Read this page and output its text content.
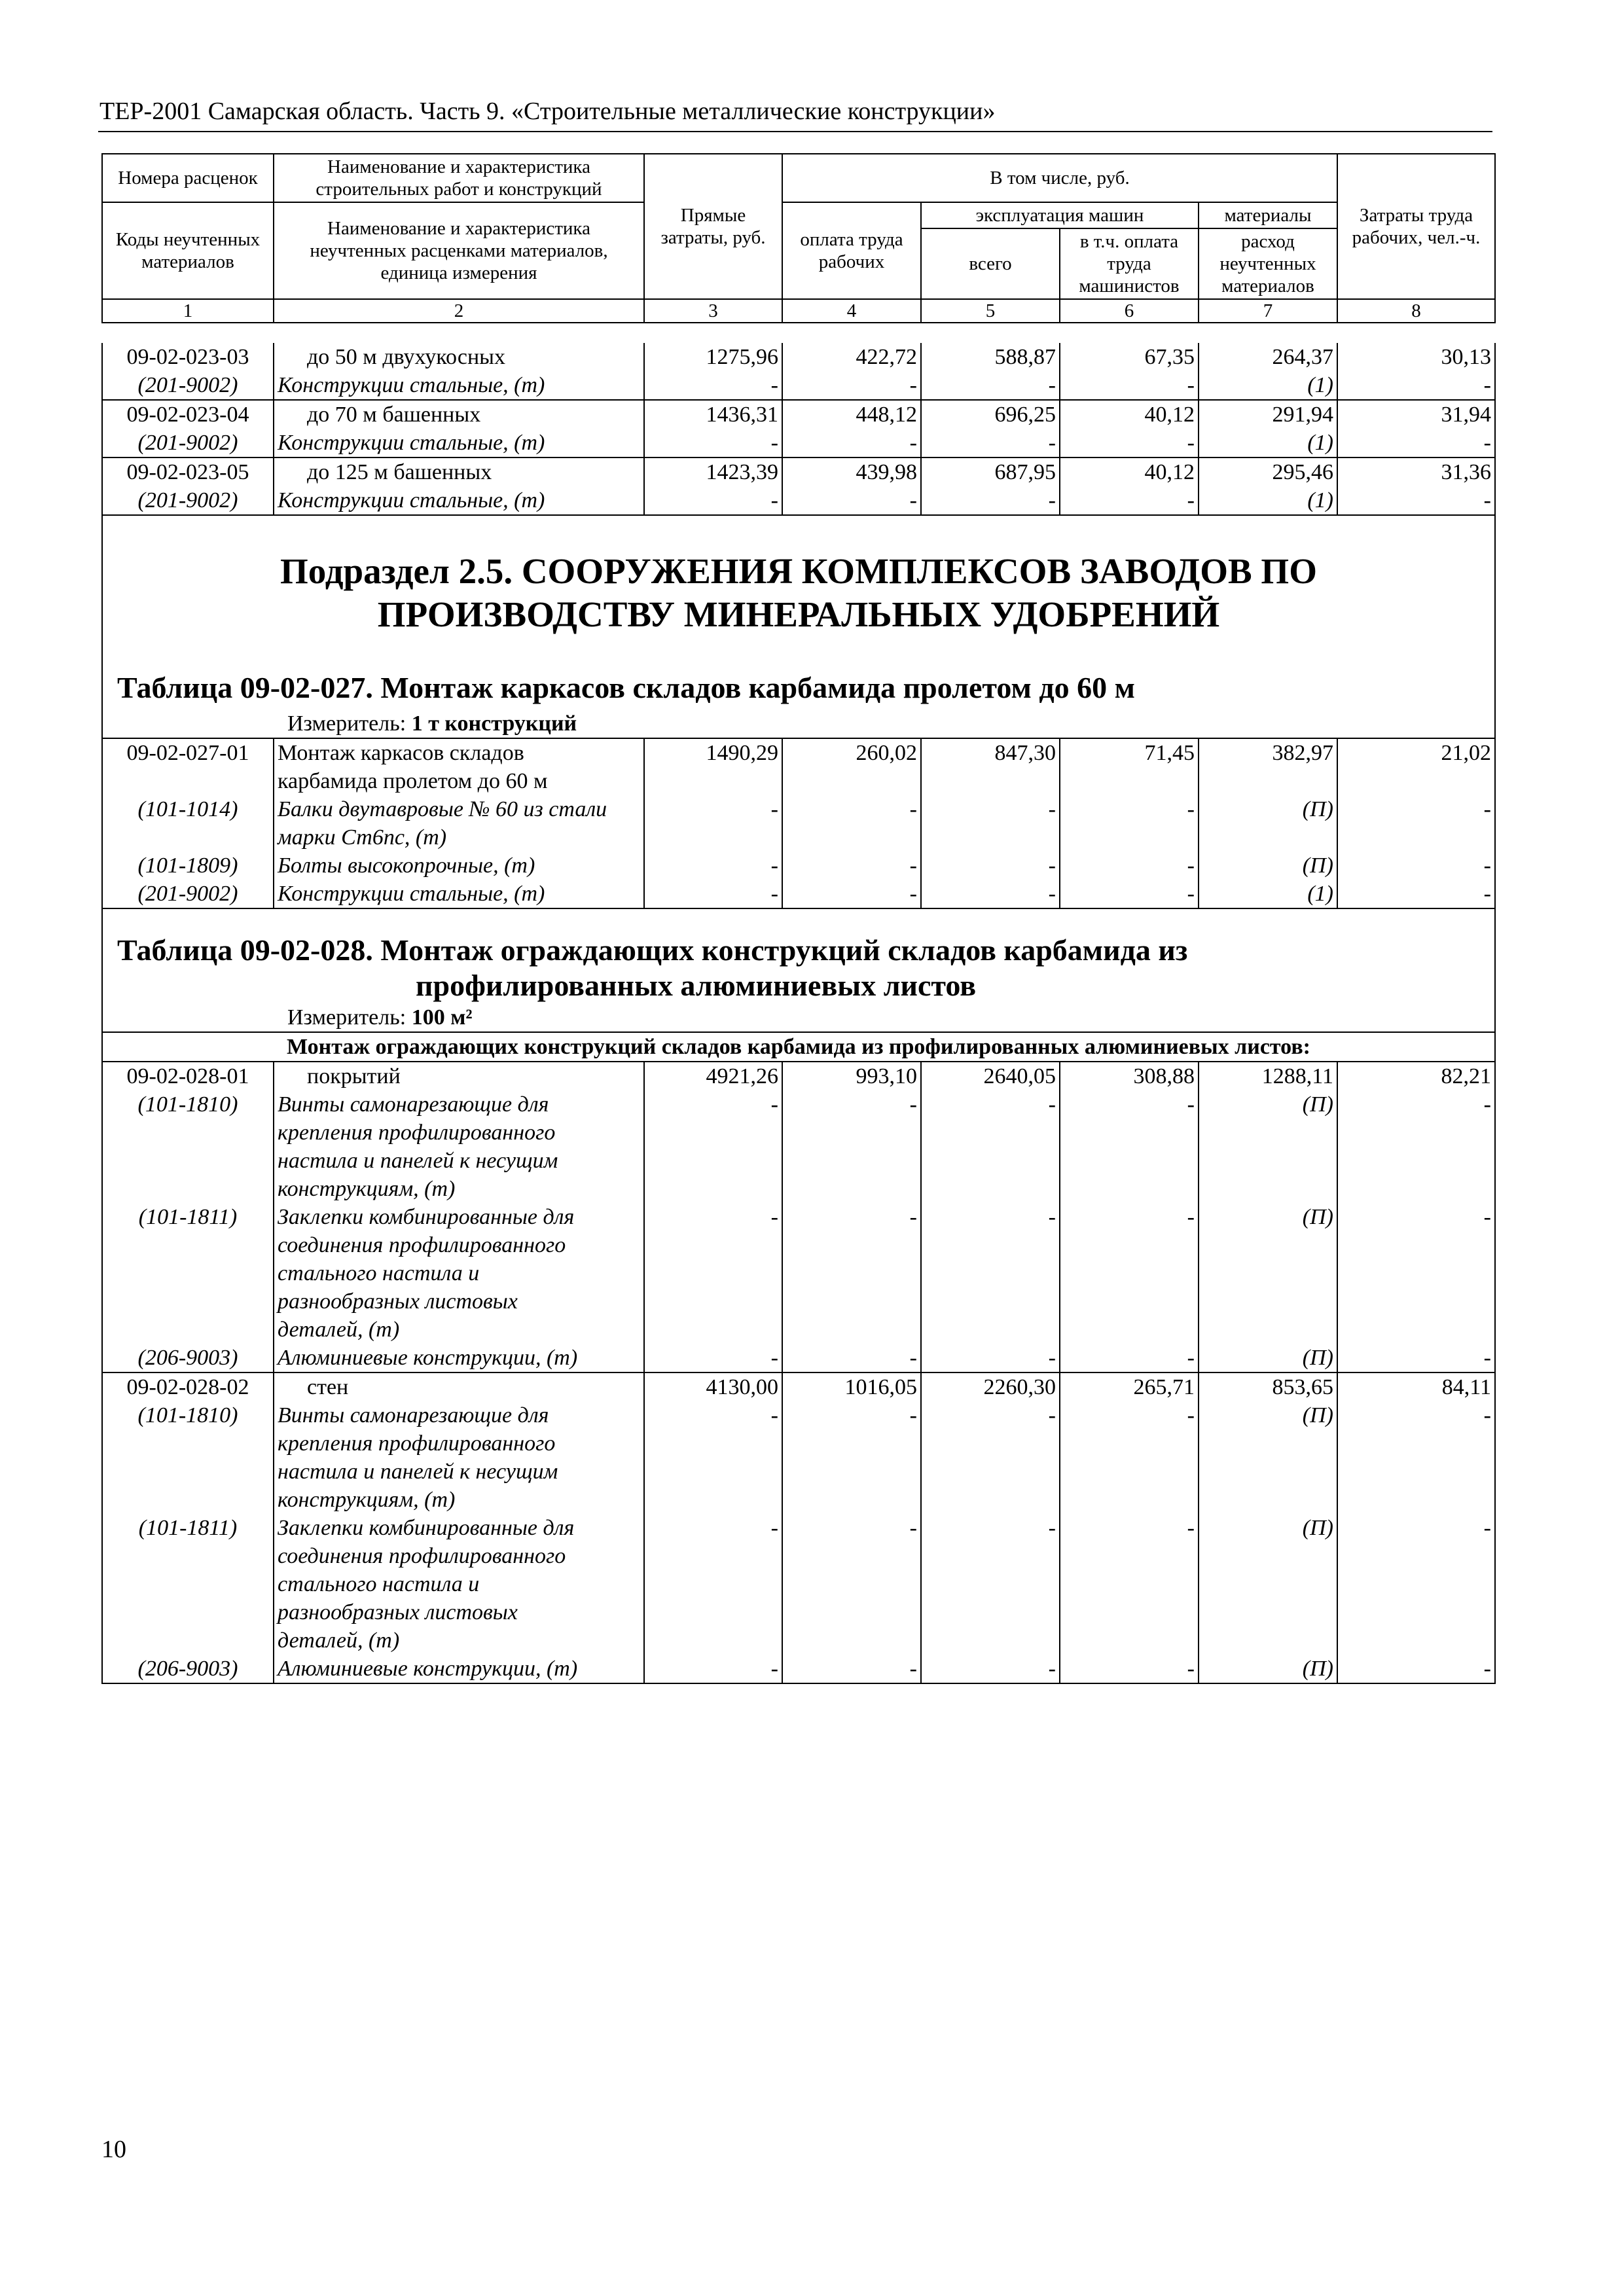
ТЕР-2001 Самарская область. Часть 9. «Строительные металлические конструкции»
Номера расценок	Наименование и характеристика строительных работ и конструкций	Прямые затраты, руб.	В том числе, руб.				Затраты труда рабочих, чел.-ч.
Коды неучтенных материалов	Наименование и характеристика неучтенных расценками материалов, единица измерения		оплата труда рабочих	эксплуатация машин		материалы	
				всего	в т.ч. оплата труда машинистов	расход неучтенных материалов	
1	2	3	4	5	6	7	8
09-02-023-03	до 50 м двухукосных	1275,96	422,72	588,87	67,35	264,37	30,13
(201-9002)	Конструкции стальные, (т)	-	-	-	-	(1)	-
09-02-023-04	до 70 м башенных	1436,31	448,12	696,25	40,12	291,94	31,94
(201-9002)	Конструкции стальные, (т)	-	-	-	-	(1)	-
09-02-023-05	до 125 м башенных	1423,39	439,98	687,95	40,12	295,46	31,36
(201-9002)	Конструкции стальные, (т)	-	-	-	-	(1)	-

Подраздел 2.5. СООРУЖЕНИЯ КОМПЛЕКСОВ ЗАВОДОВ ПО
ПРОИЗВОДСТВУ МИНЕРАЛЬНЫХ УДОБРЕНИЙ							

Таблица 09-02-027. Монтаж каркасов складов карбамида пролетом до 60 м							
Измеритель: 1 т конструкций							
09-02-027-01	Монтаж каркасов складов
карбамида пролетом до 60 м	1490,29	260,02	847,30	71,45	382,97	21,02
(101-1014)	Балки двутавровые № 60 из стали
марки Ст6пс, (т)	-	-	-	-	(П)	-
(101-1809)	Болты высокопрочные, (т)	-	-	-	-	(П)	-
(201-9002)	Конструкции стальные, (т)	-	-	-	-	(1)	-

Таблица 09-02-028. Монтаж ограждающих конструкций складов карбамида из
профилированных алюминиевых листов							

Измеритель: 100 м²							
Монтаж ограждающих конструкций складов карбамида из профилированных алюминиевых листов:							
09-02-028-01	покрытий	4921,26	993,10	2640,05	308,88	1288,11	82,21
(101-1810)	Винты самонарезающие для
крепления профилированного
настила и панелей к несущим
конструкциям, (т)	-	-	-	-	(П)	-
(101-1811)	Заклепки комбинированные для
соединения профилированного
стального настила и
разнообразных листовых
деталей, (т)	-	-	-	-	(П)	-
(206-9003)	Алюминиевые конструкции, (т)	-	-	-	-	(П)	-
09-02-028-02	стен	4130,00	1016,05	2260,30	265,71	853,65	84,11
(101-1810)	Винты самонарезающие для
крепления профилированного
настила и панелей к несущим
конструкциям, (т)	-	-	-	-	(П)	-
(101-1811)	Заклепки комбинированные для
соединения профилированного
стального настила и
разнообразных листовых
деталей, (т)	-	-	-	-	(П)	-
(206-9003)	Алюминиевые конструкции, (т)	-	-	-	-	(П)	-
10
